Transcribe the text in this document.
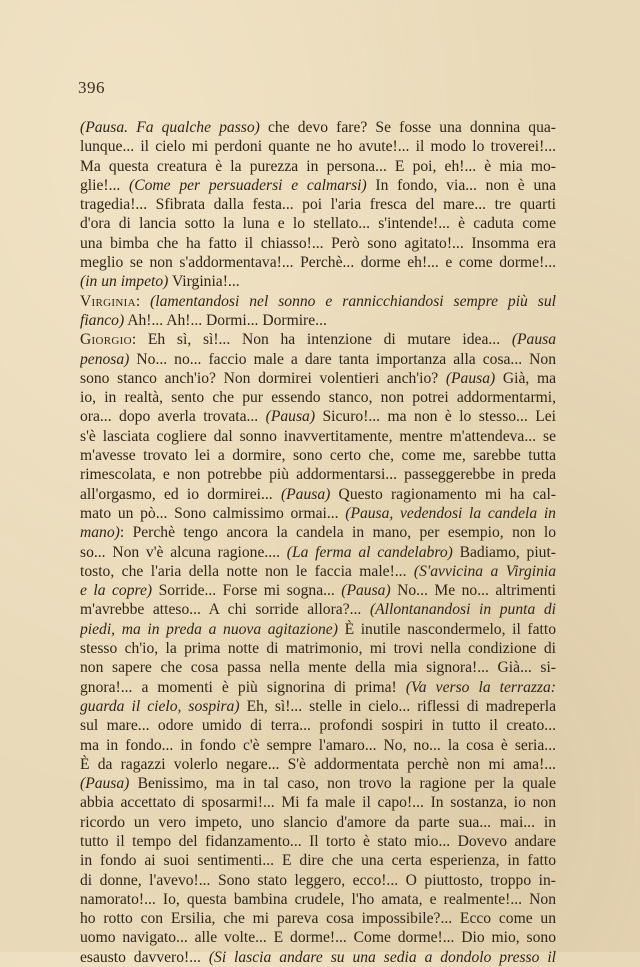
396
(Pausa. Fa qualche passo) che devo fare? Se fosse una donnina qua-
lunque... il cielo mi perdoni quante ne ho avute!... il modo lo troverei!...
Ma questa creatura è la purezza in persona... E poi, eh!... è mia mo-
glie!... (Come per persuadersi e calmarsi) In fondo, via... non è una
tragedia!... Sfibrata dalla festa... poi l'aria fresca del mare... tre quarti
d'ora di lancia sotto la luna e lo stellato... s'intende!... è caduta come
una bimba che ha fatto il chiasso!... Però sono agitato!... Insomma era
meglio se non s'addormentava!... Perchè... dorme eh!... e come dorme!...
(in un impeto) Virginia!...
Virginia: (lamentandosi nel sonno e rannicchiandosi sempre più sul
fianco) Ah!... Ah!... Dormi... Dormire...
Giorgio: Eh sì, sì!... Non ha intenzione di mutare idea... (Pausa
penosa) No... no... faccio male a dare tanta importanza alla cosa... Non
sono stanco anch'io? Non dormirei volentieri anch'io? (Pausa) Già, ma
io, in realtà, sento che pur essendo stanco, non potrei addormentarmi,
ora... dopo averla trovata... (Pausa) Sicuro!... ma non è lo stesso... Lei
s'è lasciata cogliere dal sonno inavvertitamente, mentre m'attendeva... se
m'avesse trovato lei a dormire, sono certo che, come me, sarebbe tutta
rimescolata, e non potrebbe più addormentarsi... passeggerebbe in preda
all'orgasmo, ed io dormirei... (Pausa) Questo ragionamento mi ha cal-
mato un pò... Sono calmissimo ormai... (Pausa, vedendosi la candela in
mano): Perchè tengo ancora la candela in mano, per esempio, non lo
so... Non v'è alcuna ragione.... (La ferma al candelabro) Badiamo, piut-
tosto, che l'aria della notte non le faccia male!... (S'avvicina a Virginia
e la copre) Sorride... Forse mi sogna... (Pausa) No... Me no... altrimenti
m'avrebbe atteso... A chi sorride allora?... (Allontanandosi in punta di
piedi, ma in preda a nuova agitazione) È inutile nascondermelo, il fatto
stesso ch'io, la prima notte di matrimonio, mi trovi nella condizione di
non sapere che cosa passa nella mente della mia signora!... Già... si-
gnora!... a momenti è più signorina di prima! (Va verso la terrazza:
guarda il cielo, sospira) Eh, sì!... stelle in cielo... riflessi di madreperla
sul mare... odore umido di terra... profondi sospiri in tutto il creato...
ma in fondo... in fondo c'è sempre l'amaro... No, no... la cosa è seria...
È da ragazzi volerlo negare... S'è addormentata perchè non mi ama!...
(Pausa) Benissimo, ma in tal caso, non trovo la ragione per la quale
abbia accettato di sposarmi!... Mi fa male il capo!... In sostanza, io non
ricordo un vero impeto, uno slancio d'amore da parte sua... mai... in
tutto il tempo del fidanzamento... Il torto è stato mio... Dovevo andare
in fondo ai suoi sentimenti... E dire che una certa esperienza, in fatto
di donne, l'avevo!... Sono stato leggero, ecco!... O piuttosto, troppo in-
namorato!... Io, questa bambina crudele, l'ho amata, e realmente!... Non
ho rotto con Ersilia, che mi pareva cosa impossibile?... Ecco come un
uomo navigato... alle volte... E dorme!... Come dorme!... Dio mio, sono
esausto davvero!... (Si lascia andare su una sedia a dondolo presso il
